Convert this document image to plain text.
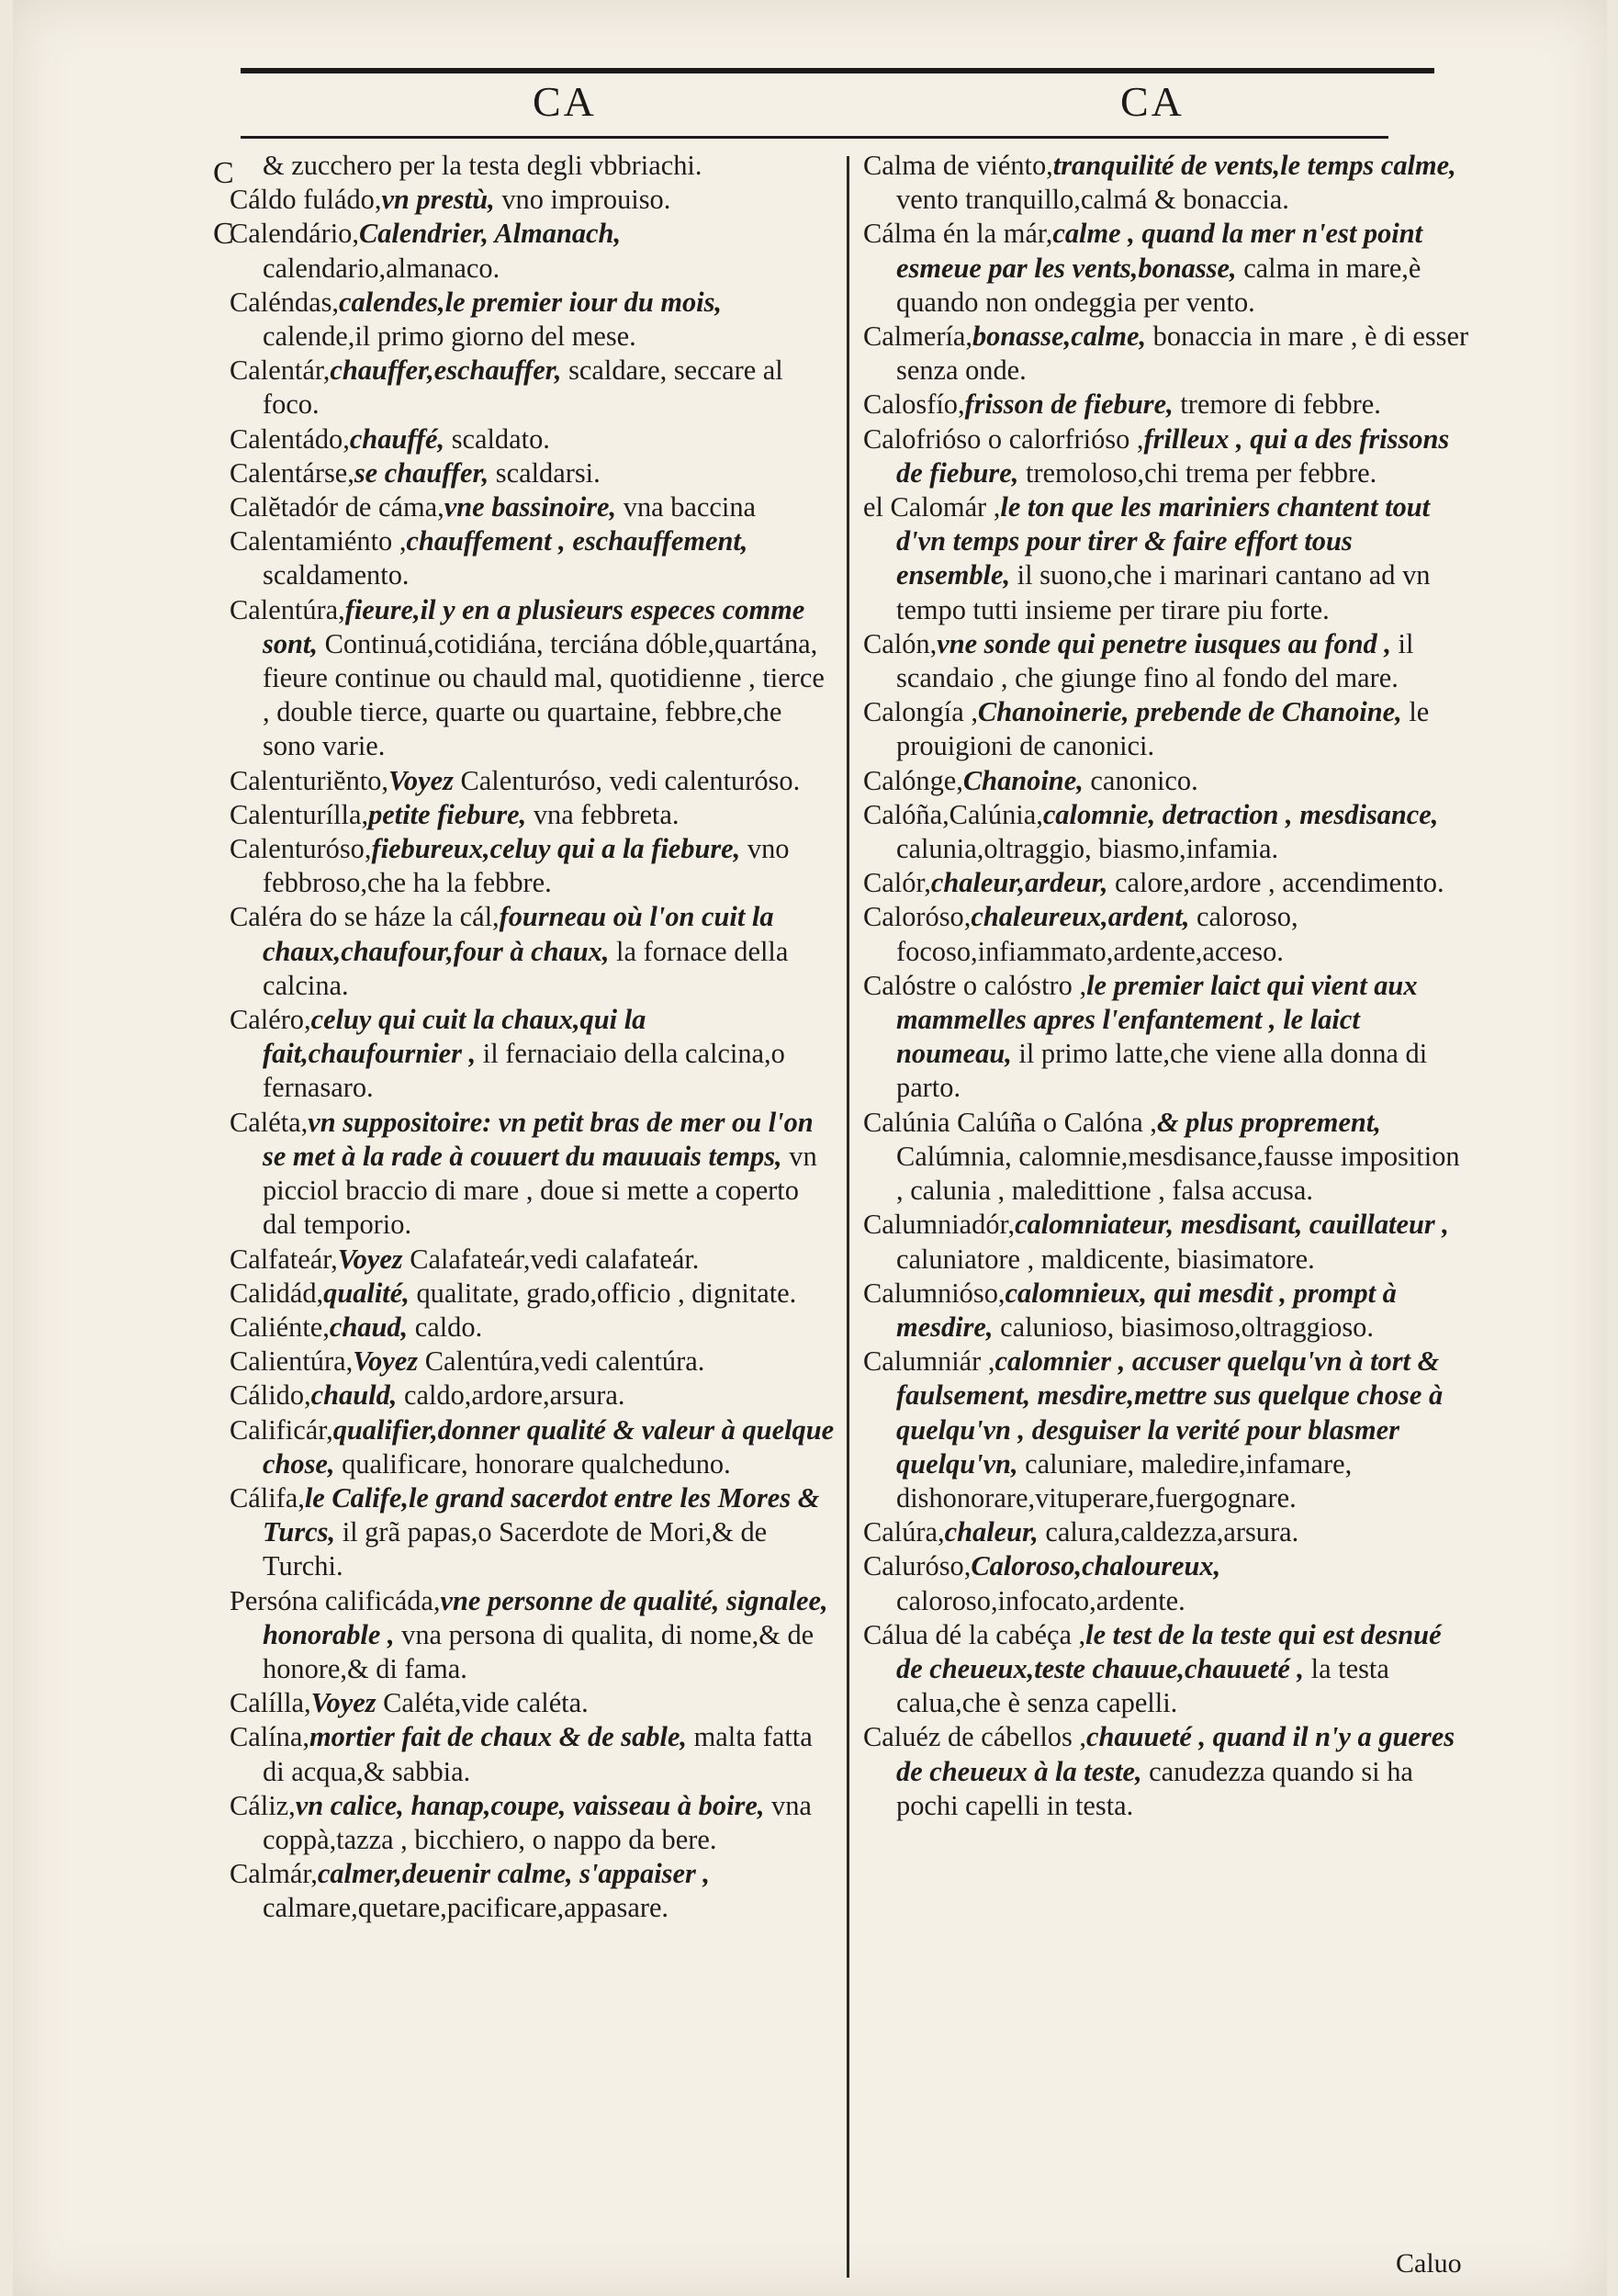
CA	CA
C
C

& zucchero per la testa degli vbbriachi.

Cáldo fuládo,vn prestù, vno improuiso.

Calendário,Calendrier, Almanach, calendario,almanaco.

Caléndas,calendes,le premier iour du mois, calende,il primo giorno del mese.

Calentár,chauffer,eschauffer, scaldare, seccare al foco.

Calentádo,chauffé, scaldato.

Calentárse,se chauffer, scaldarsi.

Calĕtadór de cáma,vne bassinoire, vna baccina

Calentamiénto ,chauffement , eschauffement, scaldamento.

Calentúra,fieure,il y en a plusieurs especes comme sont, Continuá,cotidiána, terciána dóble,quartána, fieure continue ou chauld mal, quotidienne , tierce , double tierce, quarte ou quartaine, febbre,che sono varie.

Calenturiĕnto,Voyez Calenturóso, vedi calenturóso.

Calenturílla,petite fiebure, vna febbreta.

Calenturóso,fiebureux,celuy qui a la fiebure, vno febbroso,che ha la febbre.

Caléra do se háze la cál,fourneau où l'on cuit la chaux,chaufour,four à chaux, la fornace della calcina.

Caléro,celuy qui cuit la chaux,qui la fait,chaufournier , il fernaciaio della calcina,o fernasaro.

Caléta,vn suppositoire: vn petit bras de mer ou l'on se met à la rade à couuert du mauuais temps, vn picciol braccio di mare , doue si mette a coperto dal temporio.

Calfateár,Voyez Calafateár,vedi calafateár.

Calidád,qualité, qualitate, grado,officio , dignitate.

Caliénte,chaud, caldo.

Calientúra,Voyez Calentúra,vedi calentúra.

Cálido,chauld, caldo,ardore,arsura.

Calificár,qualifier,donner qualité & valeur à quelque chose, qualificare, honorare qualcheduno.

Cálifa,le Calife,le grand sacerdot entre les Mores & Turcs, il grã papas,o Sacerdote de Mori,& de Turchi.

Persóna calificáda,vne personne de qualité, signalee, honorable , vna persona di qualita, di nome,& de honore,& di fama.

Calílla,Voyez Caléta,vide caléta.

Calína,mortier fait de chaux & de sable, malta fatta di acqua,& sabbia.

Cáliz,vn calice, hanap,coupe, vaisseau à boire, vna coppà,tazza , bicchiero, o nappo da bere.

Calmár,calmer,deuenir calme, s'appaiser , calmare,quetare,pacificare,appasare.

Calma de viénto,tranquilité de vents,le temps calme, vento tranquillo,calmá & bonaccia.

Cálma én la már,calme , quand la mer n'est point esmeue par les vents,bonasse, calma in mare,è quando non ondeggia per vento.

Calmería,bonasse,calme, bonaccia in mare , è di esser senza onde.

Calosfío,frisson de fiebure, tremore di febbre.

Calofrióso o calorfrióso ,frilleux , qui a des frissons de fiebure, tremoloso,chi trema per febbre.

el Calomár ,le ton que les mariniers chantent tout d'vn temps pour tirer & faire effort tous ensemble, il suono,che i marinari cantano ad vn tempo tutti insieme per tirare piu forte.

Calón,vne sonde qui penetre iusques au fond , il scandaio , che giunge fino al fondo del mare.

Calongía ,Chanoinerie, prebende de Chanoine, le prouigioni de canonici.

Calónge,Chanoine, canonico.

Calóña,Calúnia,calomnie, detraction , mesdisance, calunia,oltraggio, biasmo,infamia.

Calór,chaleur,ardeur, calore,ardore , accendimento.

Caloróso,chaleureux,ardent, caloroso, focoso,infiammato,ardente,acceso.

Calóstre o calóstro ,le premier laict qui vient aux mammelles apres l'enfantement , le laict noumeau, il primo latte,che viene alla donna di parto.

Calúnia Calúña o Calóna ,& plus proprement, Calúmnia, calomnie,mesdisance,fausse imposition , calunia , maledittione , falsa accusa.

Calumniadór,calomniateur, mesdisant, cauillateur , caluniatore , maldicente, biasimatore.

Calumnióso,calomnieux, qui mesdit , prompt à mesdire, caluniosо, biasimoso,oltraggioso.

Calumniár ,calomnier , accuser quelqu'vn à tort & faulsement, mesdire,mettre sus quelque chose à quelqu'vn , desguiser la verité pour blasmer quelqu'vn, caluniare, maledire,infamare, dishonorare,vituperare,fuergognare.

Calúra,chaleur, calura,caldezza,arsura.

Caluróso,Caloroso,chaloureux, caloroso,infocato,ardente.

Cálua dé la cabéça ,le test de la teste qui est desnué de cheueux,teste chauue,chauueté , la testa calua,che è senza capelli.

Caluéz de cábellos ,chauueté , quand il n'y a gueres de cheueux à la teste, canudezza quando si ha pochi capelli in testa.

Caluo
